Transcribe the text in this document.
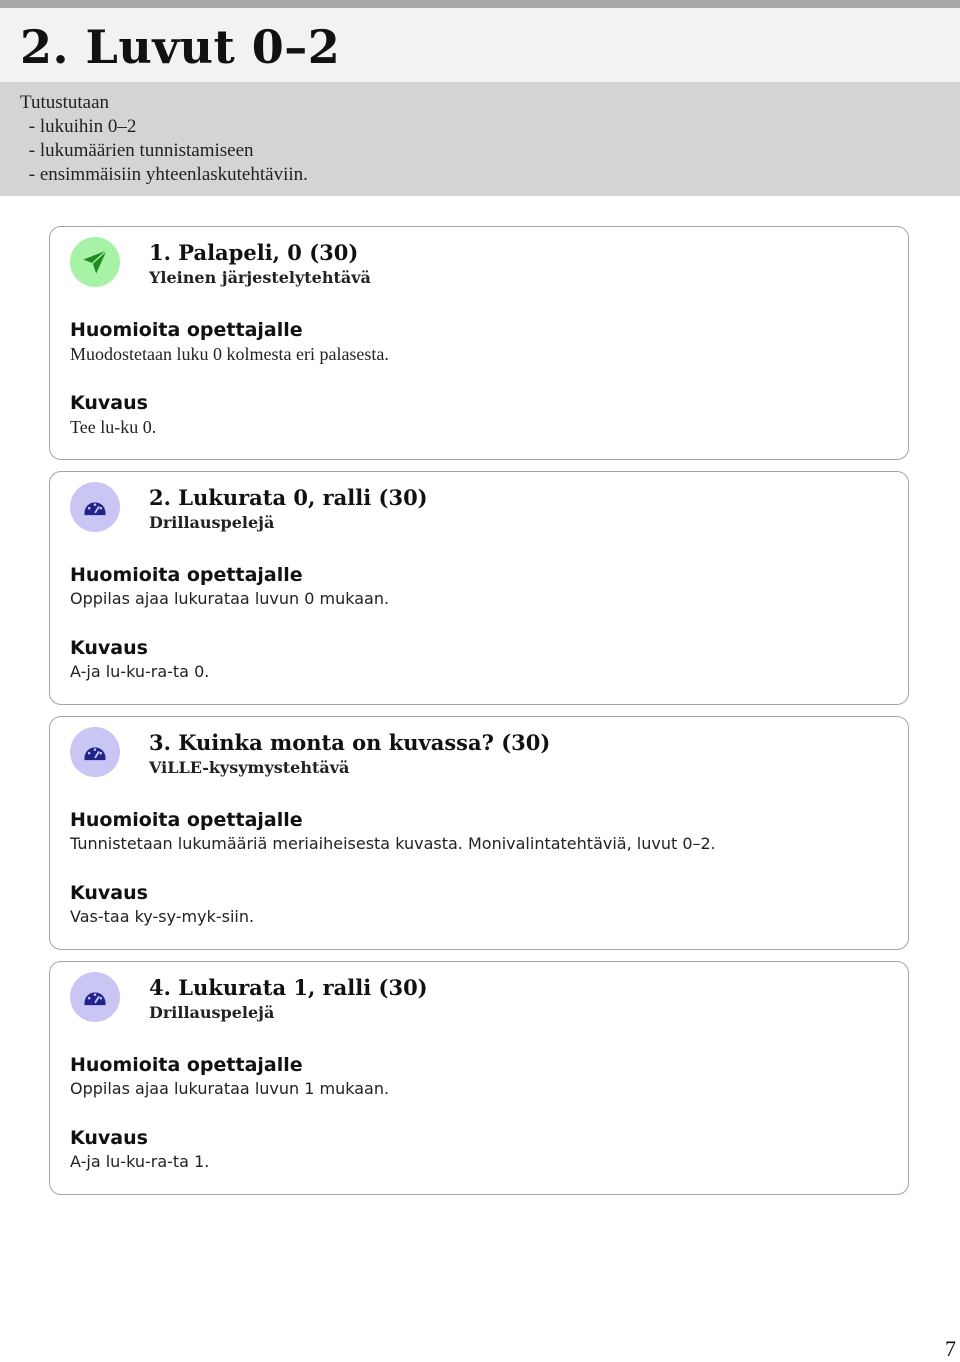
2. Luvut 0–2
Tutustutaan
- lukuihin 0–2
- lukumäärien tunnistamiseen
- ensimmäisiin yhteenlaskutehtäviin.
1. Palapeli, 0 (30)
Yleinen järjestelytehtävä
Huomioita opettajalle
Muodostetaan luku 0 kolmesta eri palasesta.
Kuvaus
Tee lu-ku 0.
2. Lukurata 0, ralli (30)
Drillauspelejä
Huomioita opettajalle
Oppilas ajaa lukurataa luvun 0 mukaan.
Kuvaus
A-ja lu-ku-ra-ta 0.
3. Kuinka monta on kuvassa? (30)
ViLLE-kysymystehtävä
Huomioita opettajalle
Tunnistetaan lukumääriä meriaiheisesta kuvasta. Monivalintatehtäviä, luvut 0–2.
Kuvaus
Vas-taa ky-sy-myk-siin.
4. Lukurata 1, ralli (30)
Drillauspelejä
Huomioita opettajalle
Oppilas ajaa lukurataa luvun 1 mukaan.
Kuvaus
A-ja lu-ku-ra-ta 1.
7
